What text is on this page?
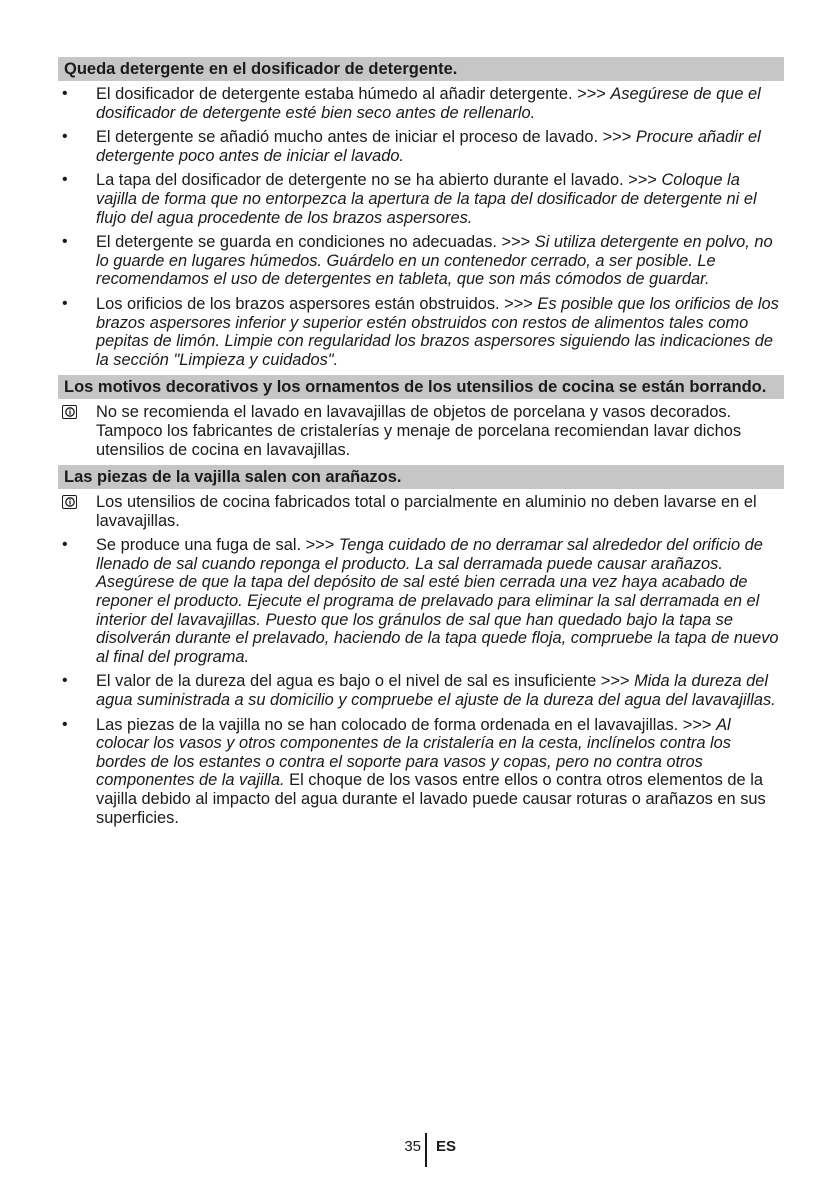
Queda detergente en el dosificador de detergente.
• El dosificador de detergente estaba húmedo al añadir detergente. >>> Asegúrese de que el dosificador de detergente esté bien seco antes de rellenarlo.
• El detergente se añadió mucho antes de iniciar el proceso de lavado. >>> Procure añadir el detergente poco antes de iniciar el lavado.
• La tapa del dosificador de detergente no se ha abierto durante el lavado. >>> Coloque la vajilla de forma que no entorpezca la apertura de la tapa del dosificador de detergente ni el flujo del agua procedente de los brazos aspersores.
• El detergente se guarda en condiciones no adecuadas. >>> Si utiliza detergente en polvo, no lo guarde en lugares húmedos. Guárdelo en un contenedor cerrado, a ser posible. Le recomendamos el uso de detergentes en tableta, que son más cómodos de guardar.
• Los orificios de los brazos aspersores están obstruidos. >>> Es posible que los orificios de los brazos aspersores inferior y superior estén obstruidos con restos de alimentos tales como pepitas de limón. Limpie con regularidad los brazos aspersores siguiendo las indicaciones de la sección "Limpieza y cuidados".
Los motivos decorativos y los ornamentos de los utensilios de cocina se están borrando.
No se recomienda el lavado en lavavajillas de objetos de porcelana y vasos decorados. Tampoco los fabricantes de cristalerías y menaje de porcelana recomiendan lavar dichos utensilios de cocina en lavavajillas.
Las piezas de la vajilla salen con arañazos.
Los utensilios de cocina fabricados total o parcialmente en aluminio no deben lavarse en el lavavajillas.
• Se produce una fuga de sal. >>> Tenga cuidado de no derramar sal alrededor del orificio de llenado de sal cuando reponga el producto. La sal derramada puede causar arañazos. Asegúrese de que la tapa del depósito de sal esté bien cerrada una vez haya acabado de reponer el producto. Ejecute el programa de prelavado para eliminar la sal derramada en el interior del lavavajillas. Puesto que los gránulos de sal que han quedado bajo la tapa se disolverán durante el prelavado, haciendo de la tapa quede floja, compruebe la tapa de nuevo al final del programa.
• El valor de la dureza del agua es bajo o el nivel de sal es insuficiente >>> Mida la dureza del agua suministrada a su domicilio y compruebe el ajuste de la dureza del agua del lavavajillas.
• Las piezas de la vajilla no se han colocado de forma ordenada en el lavavajillas. >>> Al colocar los vasos y otros componentes de la cristalería en la cesta, inclínelos contra los bordes de los estantes o contra el soporte para vasos y copas, pero no contra otros componentes de la vajilla. El choque de los vasos entre ellos o contra otros elementos de la vajilla debido al impacto del agua durante el lavado puede causar roturas o arañazos en sus superficies.
35 ES
